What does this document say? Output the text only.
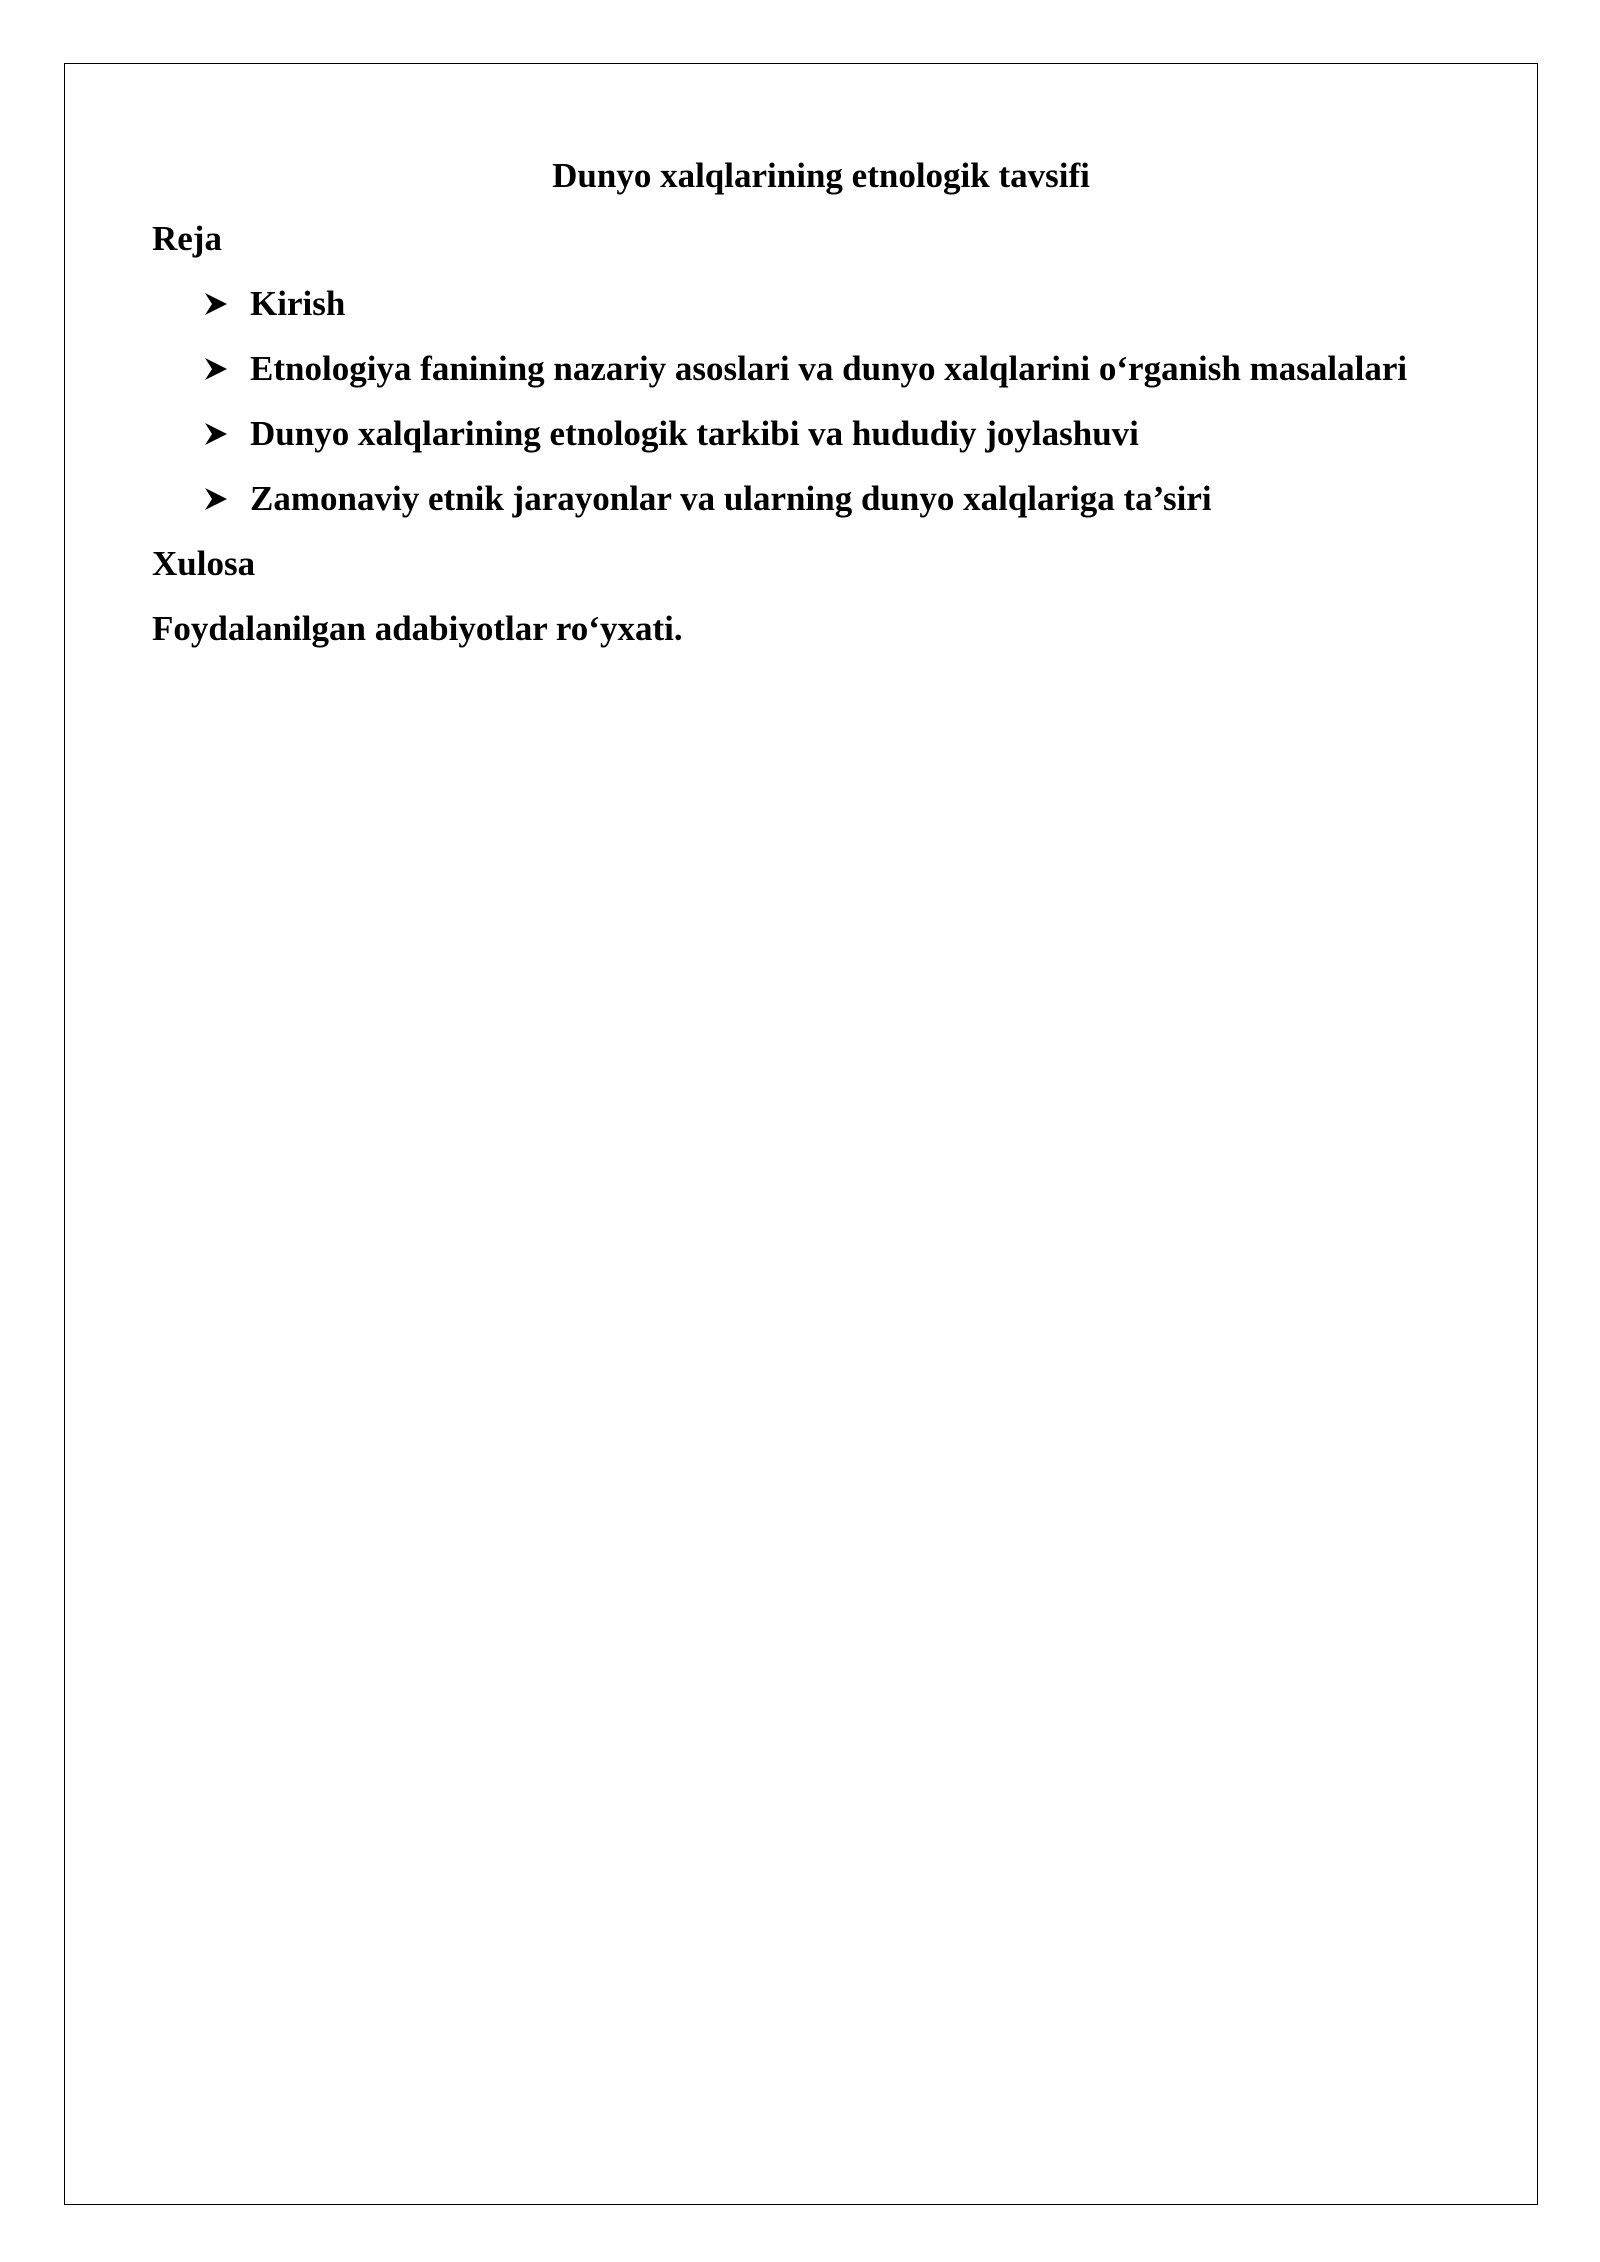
Dunyo xalqlarining etnologik tavsifi
Reja
Kirish
Etnologiya fanining nazariy asoslari va dunyo xalqlarini o‘rganish masalalari
Dunyo xalqlarining etnologik tarkibi va hududiy joylashuvi
Zamonaviy etnik jarayonlar va ularning dunyo xalqlariga ta’siri
Xulosa
Foydalanilgan adabiyotlar ro‘yxati.
